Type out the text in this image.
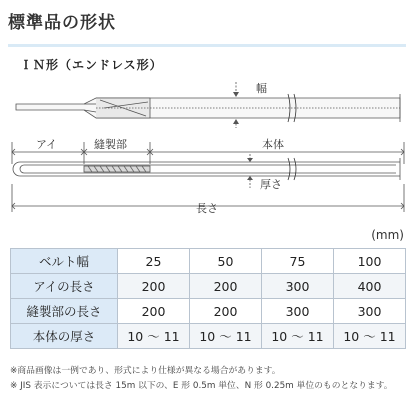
標準品の形状
ＩＮ形（エンドレス形）
幅
アイ	縫製部	本体
厚さ
長さ
(mm)
ベルト幅	25	50	75	100
アイの長さ	200	200	300	400
縫製部の長さ	200	200	300	300
本体の厚さ	10 ～ 11	10 ～ 11	10 ～ 11	10 ～ 11
※商品画像は一例であり、形式により仕様が異なる場合があります。
※ JIS 表示については長さ 15m 以下の、E 形 0.5m 単位、N 形 0.25m 単位のものとなります。
